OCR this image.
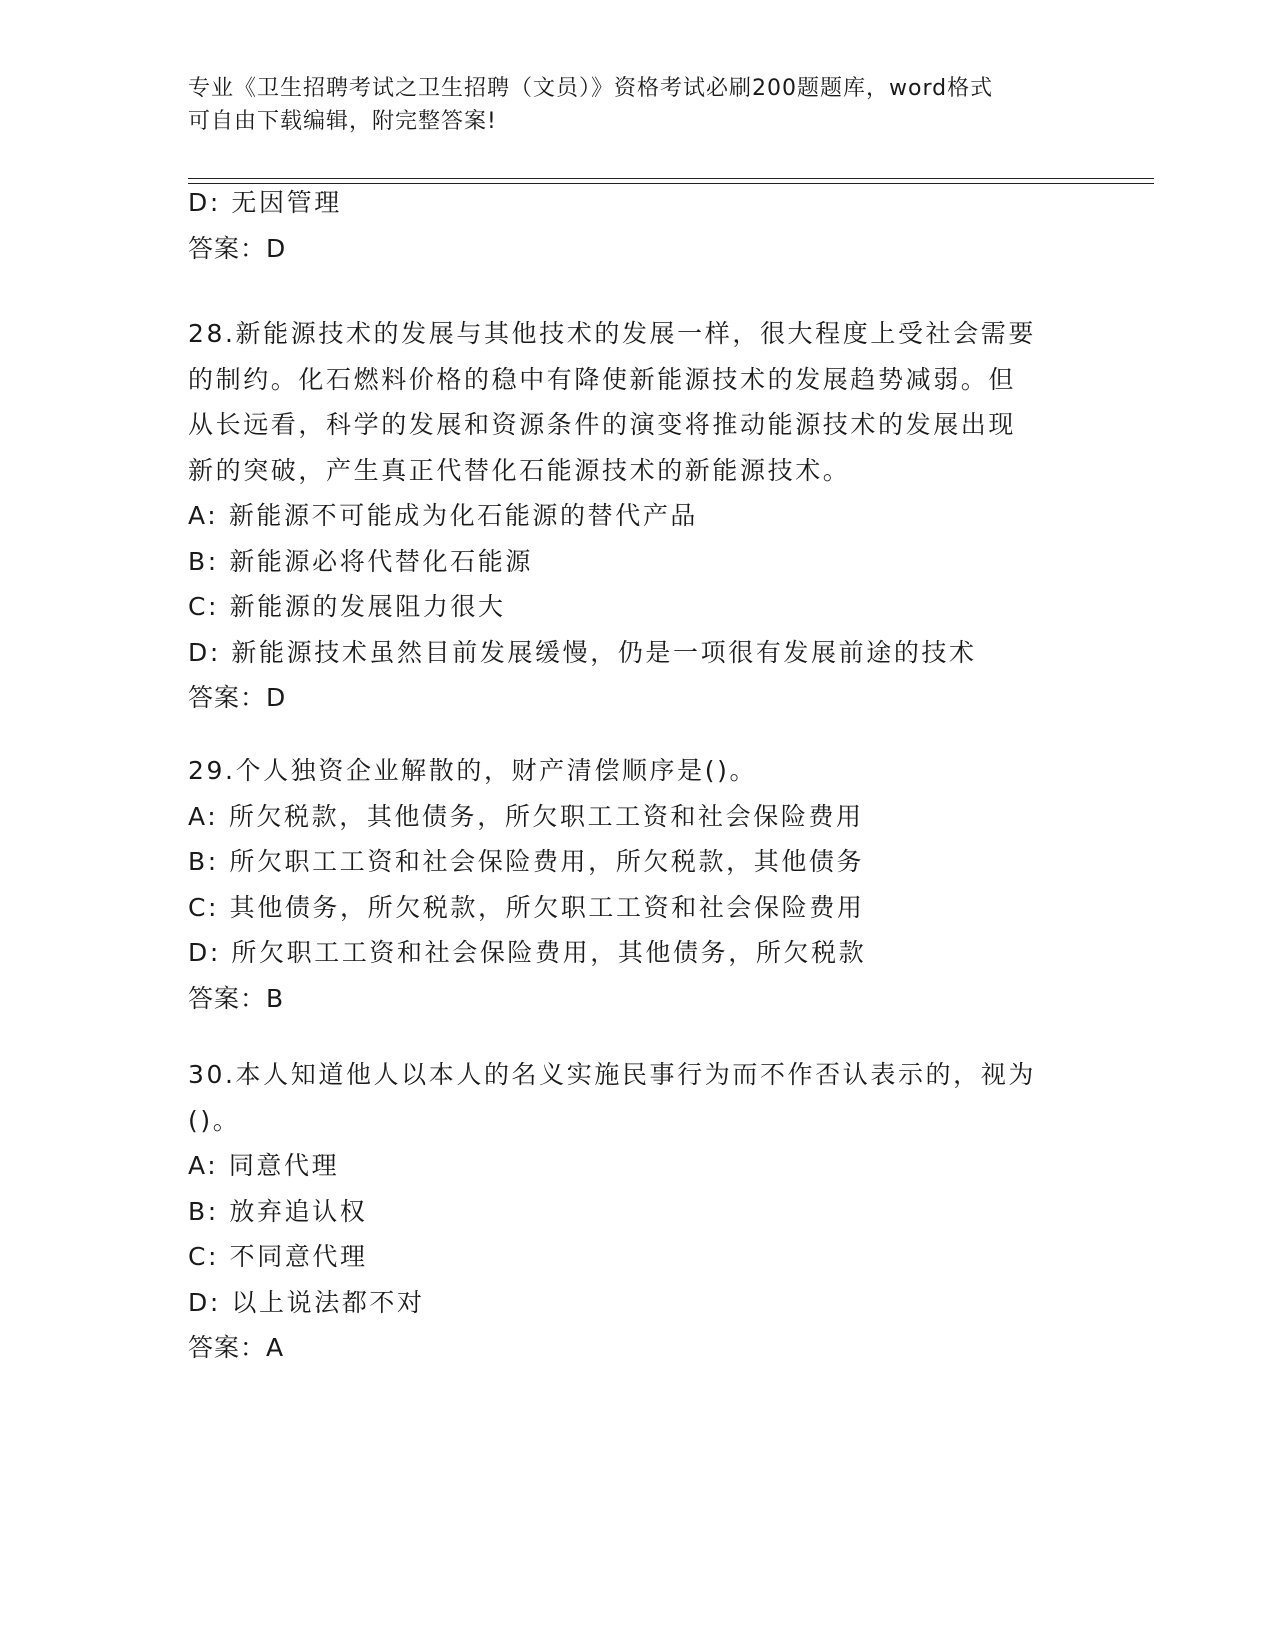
专业《卫生招聘考试之卫生招聘（文员）》资格考试必刷200题题库，word格式
可自由下载编辑，附完整答案!
D: 无因管理
答案：D
28.新能源技术的发展与其他技术的发展一样，很大程度上受社会需要
的制约。化石燃料价格的稳中有降使新能源技术的发展趋势减弱。但
从长远看，科学的发展和资源条件的演变将推动能源技术的发展出现
新的突破，产生真正代替化石能源技术的新能源技术。
A: 新能源不可能成为化石能源的替代产品
B: 新能源必将代替化石能源
C: 新能源的发展阻力很大
D: 新能源技术虽然目前发展缓慢，仍是一项很有发展前途的技术
答案：D
29.个人独资企业解散的，财产清偿顺序是()。
A: 所欠税款，其他债务，所欠职工工资和社会保险费用
B: 所欠职工工资和社会保险费用，所欠税款，其他债务
C: 其他债务，所欠税款，所欠职工工资和社会保险费用
D: 所欠职工工资和社会保险费用，其他债务，所欠税款
答案：B
30.本人知道他人以本人的名义实施民事行为而不作否认表示的，视为
()。
A: 同意代理
B: 放弃追认权
C: 不同意代理
D: 以上说法都不对
答案：A
